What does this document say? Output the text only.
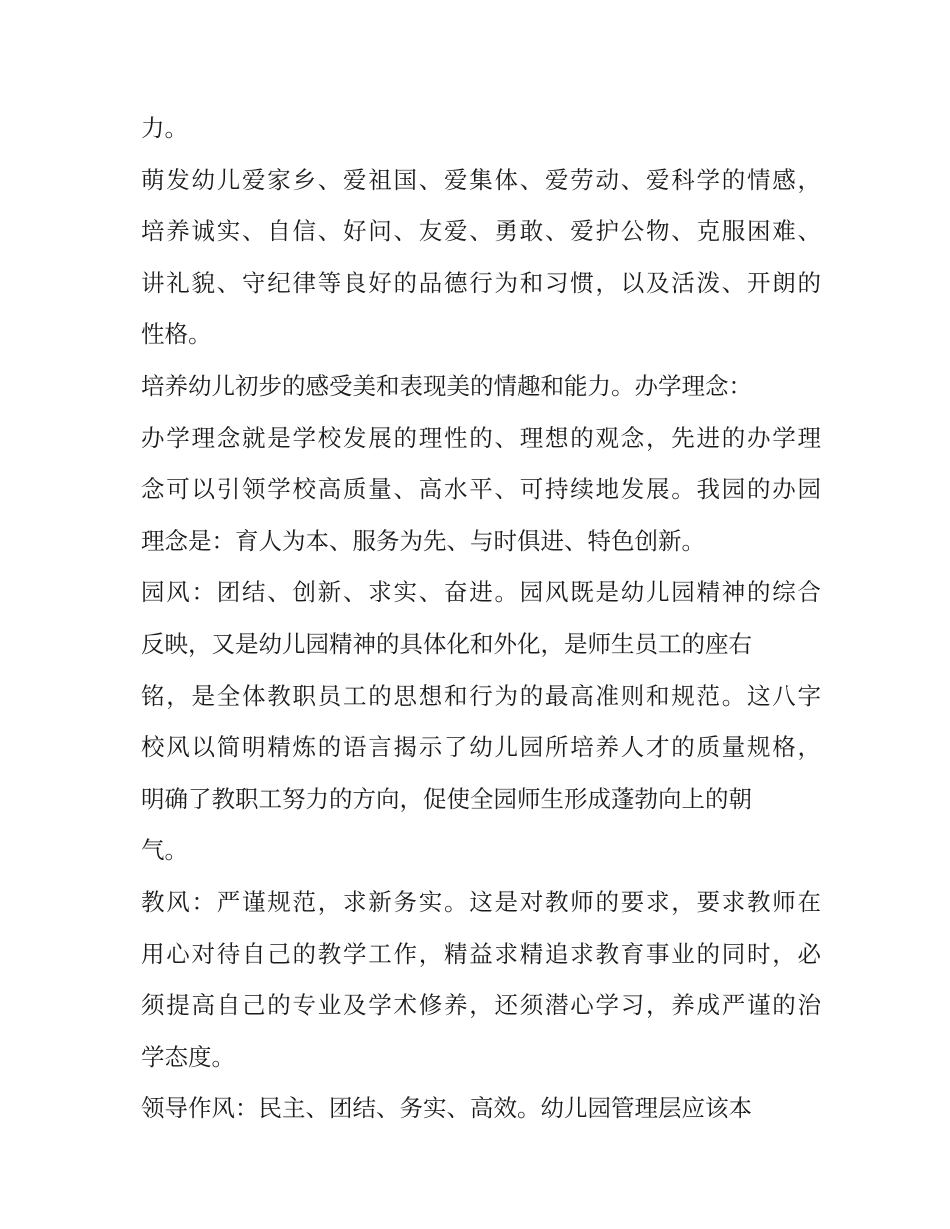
力。
萌发幼儿爱家乡、爱祖国、爱集体、爱劳动、爱科学的情感，
培养诚实、自信、好问、友爱、勇敢、爱护公物、克服困难、
讲礼貌、守纪律等良好的品德行为和习惯，以及活泼、开朗的
性格。
培养幼儿初步的感受美和表现美的情趣和能力。办学理念：
办学理念就是学校发展的理性的、理想的观念，先进的办学理
念可以引领学校高质量、高水平、可持续地发展。我园的办园
理念是：育人为本、服务为先、与时俱进、特色创新。
园风：团结、创新、求实、奋进。园风既是幼儿园精神的综合
反映，又是幼儿园精神的具体化和外化，是师生员工的座右
铭，是全体教职员工的思想和行为的最高准则和规范。这八字
校风以简明精炼的语言揭示了幼儿园所培养人才的质量规格，
明确了教职工努力的方向，促使全园师生形成蓬勃向上的朝
气。
教风：严谨规范，求新务实。这是对教师的要求，要求教师在
用心对待自己的教学工作，精益求精追求教育事业的同时，必
须提高自己的专业及学术修养，还须潜心学习，养成严谨的治
学态度。
领导作风：民主、团结、务实、高效。幼儿园管理层应该本
